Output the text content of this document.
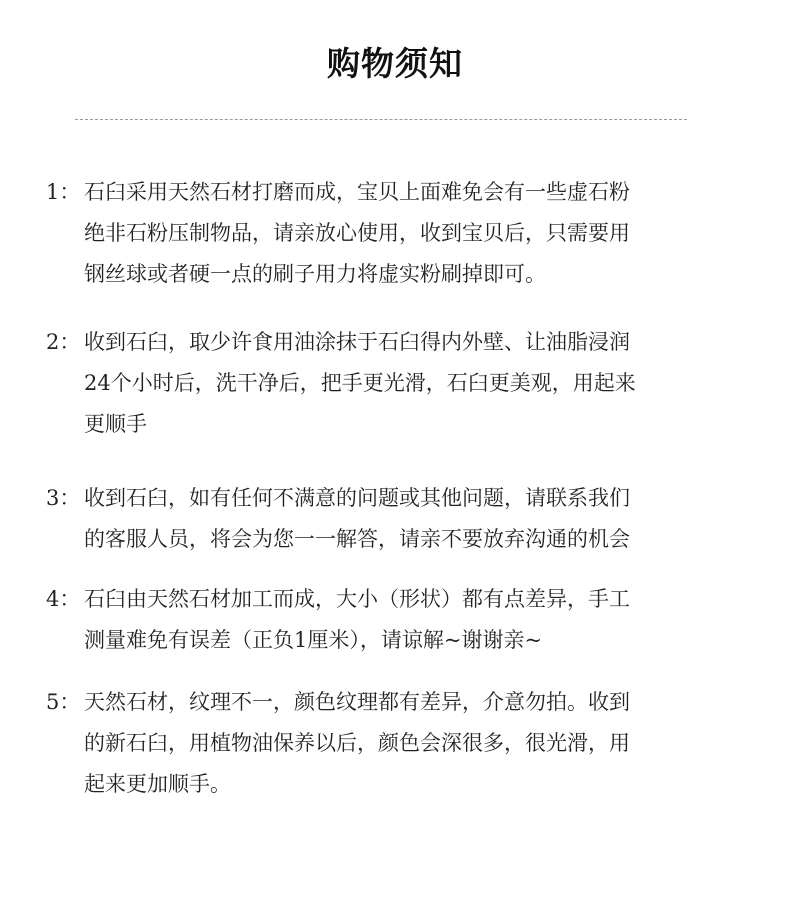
购物须知
1： 石臼采用天然石材打磨而成，宝贝上面难免会有一些虚石粉
绝非石粉压制物品，请亲放心使用，收到宝贝后，只需要用
钢丝球或者硬一点的刷子用力将虚实粉刷掉即可。
2： 收到石臼，取少许食用油涂抹于石臼得内外壁、让油脂浸润
24个小时后，洗干净后，把手更光滑，石臼更美观，用起来
更顺手
3： 收到石臼，如有任何不满意的问题或其他问题，请联系我们
的客服人员，将会为您一一解答，请亲不要放弃沟通的机会
4： 石臼由天然石材加工而成，大小（形状）都有点差异，手工
测量难免有误差（正负1厘米），请谅解~谢谢亲~
5： 天然石材，纹理不一，颜色纹理都有差异，介意勿拍。收到
的新石臼，用植物油保养以后，颜色会深很多，很光滑，用
起来更加顺手。
